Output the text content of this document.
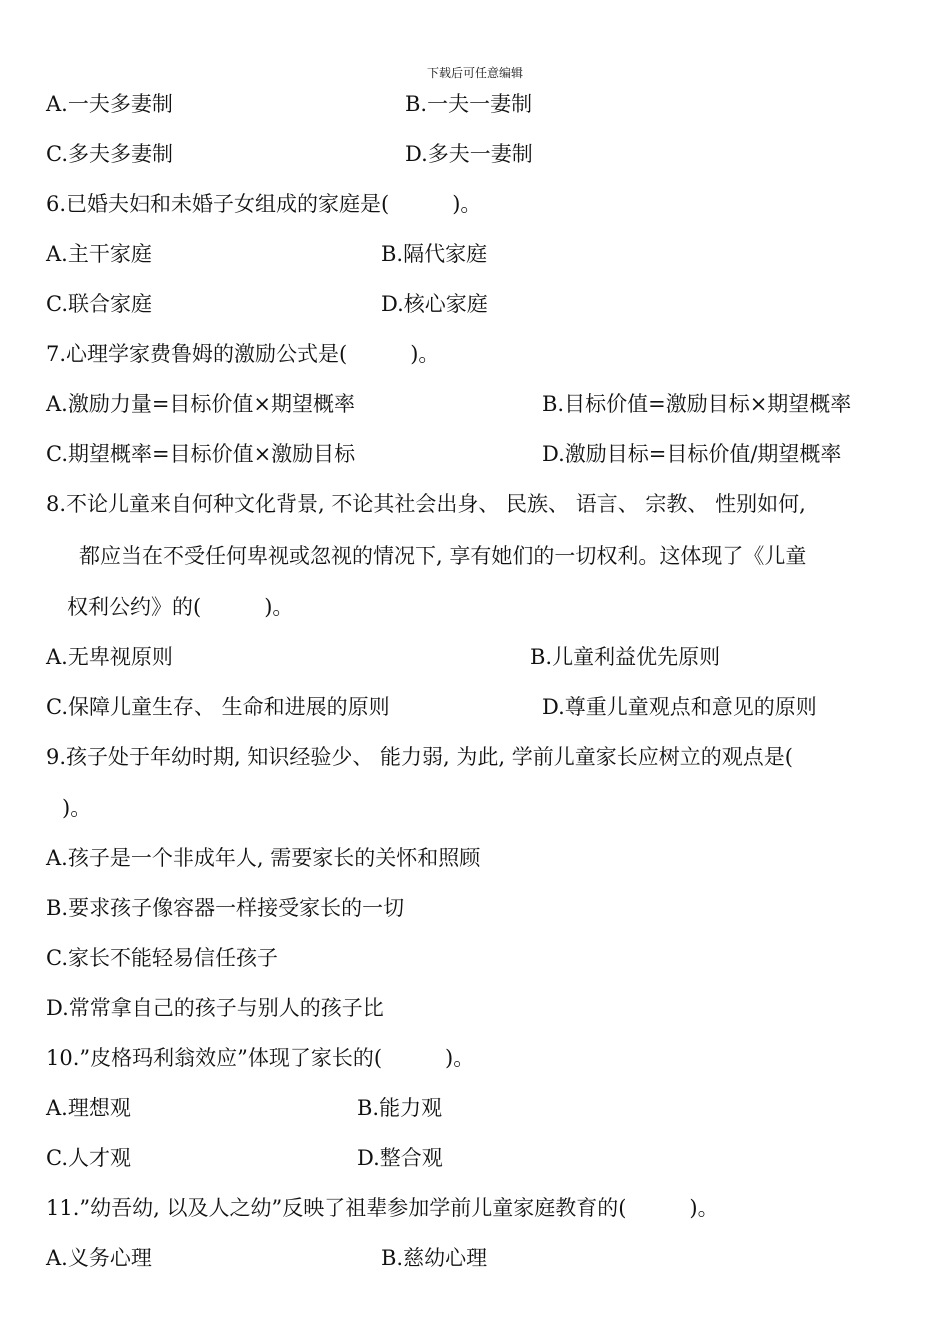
下载后可任意编辑
A.一夫多妻制	B.一夫一妻制
C.多夫多妻制	D.多夫一妻制
6.已婚夫妇和未婚子女组成的家庭是(　　　)。
A.主干家庭	B.隔代家庭
C.联合家庭	D.核心家庭
7.心理学家费鲁姆的激励公式是(　　　)。
A.激励力量=目标价值×期望概率	B.目标价值=激励目标×期望概率
C.期望概率=目标价值×激励目标	D.激励目标=目标价值/期望概率
8.不论儿童来自何种文化背景, 不论其社会出身、 民族、 语言、 宗教、 性别如何,
都应当在不受任何卑视或忽视的情况下, 享有她们的一切权利。这体现了《儿童
权利公约》的(　　　)。
A.无卑视原则	B.儿童利益优先原则
C.保障儿童生存、 生命和进展的原则	D.尊重儿童观点和意见的原则
9.孩子处于年幼时期, 知识经验少、 能力弱, 为此, 学前儿童家长应树立的观点是(
)。
A.孩子是一个非成年人, 需要家长的关怀和照顾
B.要求孩子像容器一样接受家长的一切
C.家长不能轻易信任孩子
D.常常拿自己的孩子与别人的孩子比
10.”皮格玛利翁效应”体现了家长的(　　　)。
A.理想观	B.能力观
C.人才观	D.整合观
11.”幼吾幼, 以及人之幼”反映了祖辈参加学前儿童家庭教育的(　　　)。
A.义务心理	B.慈幼心理
